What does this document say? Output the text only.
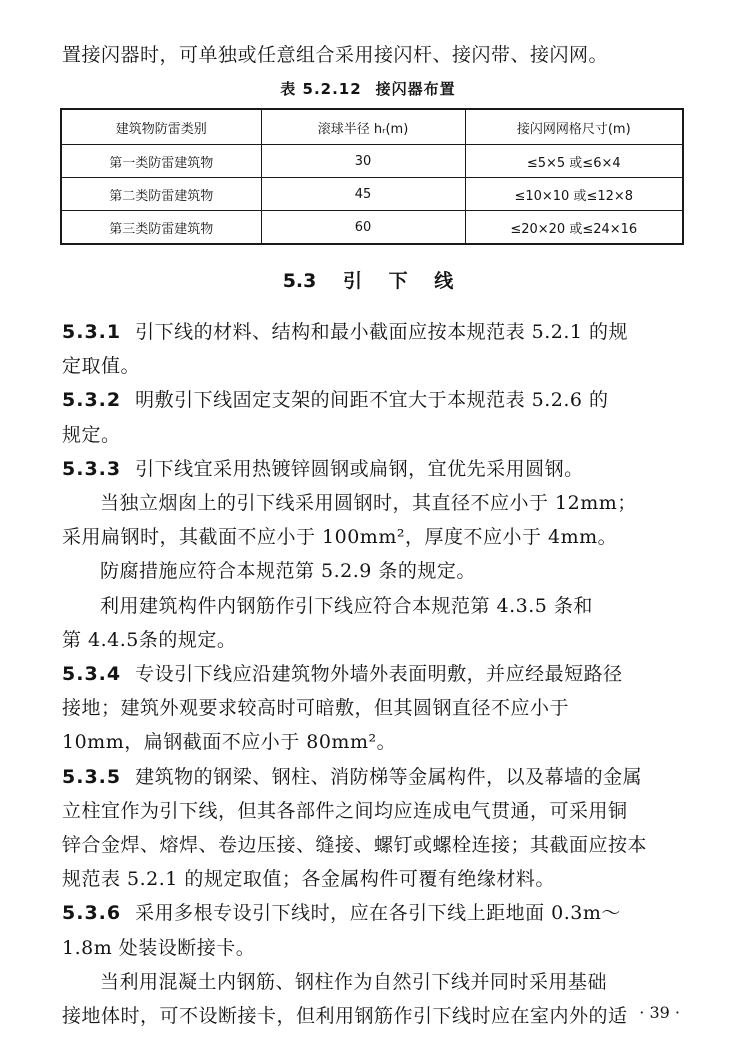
置接闪器时，可单独或任意组合采用接闪杆、接闪带、接闪网。
表 5.2.12 接闪器布置
建筑物防雷类别	滚球半径 hᵣ(m)	接闪网网格尺寸(m)
第一类防雷建筑物	30	≤5×5 或≤6×4
第二类防雷建筑物	45	≤10×10 或≤12×8
第三类防雷建筑物	60	≤20×20 或≤24×16
5.3 引 下 线
5.3.1 引下线的材料、结构和最小截面应按本规范表 5.2.1 的规
定取值。
5.3.2 明敷引下线固定支架的间距不宜大于本规范表 5.2.6 的
规定。
5.3.3 引下线宜采用热镀锌圆钢或扁钢，宜优先采用圆钢。
当独立烟囱上的引下线采用圆钢时，其直径不应小于 12mm；
采用扁钢时，其截面不应小于 100mm²，厚度不应小于 4mm。
防腐措施应符合本规范第 5.2.9 条的规定。
利用建筑构件内钢筋作引下线应符合本规范第 4.3.5 条和
第 4.4.5条的规定。
5.3.4 专设引下线应沿建筑物外墙外表面明敷，并应经最短路径
接地；建筑外观要求较高时可暗敷，但其圆钢直径不应小于
10mm，扁钢截面不应小于 80mm²。
5.3.5 建筑物的钢梁、钢柱、消防梯等金属构件，以及幕墙的金属
立柱宜作为引下线，但其各部件之间均应连成电气贯通，可采用铜
锌合金焊、熔焊、卷边压接、缝接、螺钉或螺栓连接；其截面应按本
规范表 5.2.1 的规定取值；各金属构件可覆有绝缘材料。
5.3.6 采用多根专设引下线时，应在各引下线上距地面 0.3m～
1.8m 处装设断接卡。
当利用混凝土内钢筋、钢柱作为自然引下线并同时采用基础
接地体时，可不设断接卡，但利用钢筋作引下线时应在室内外的适 · 39 ·
